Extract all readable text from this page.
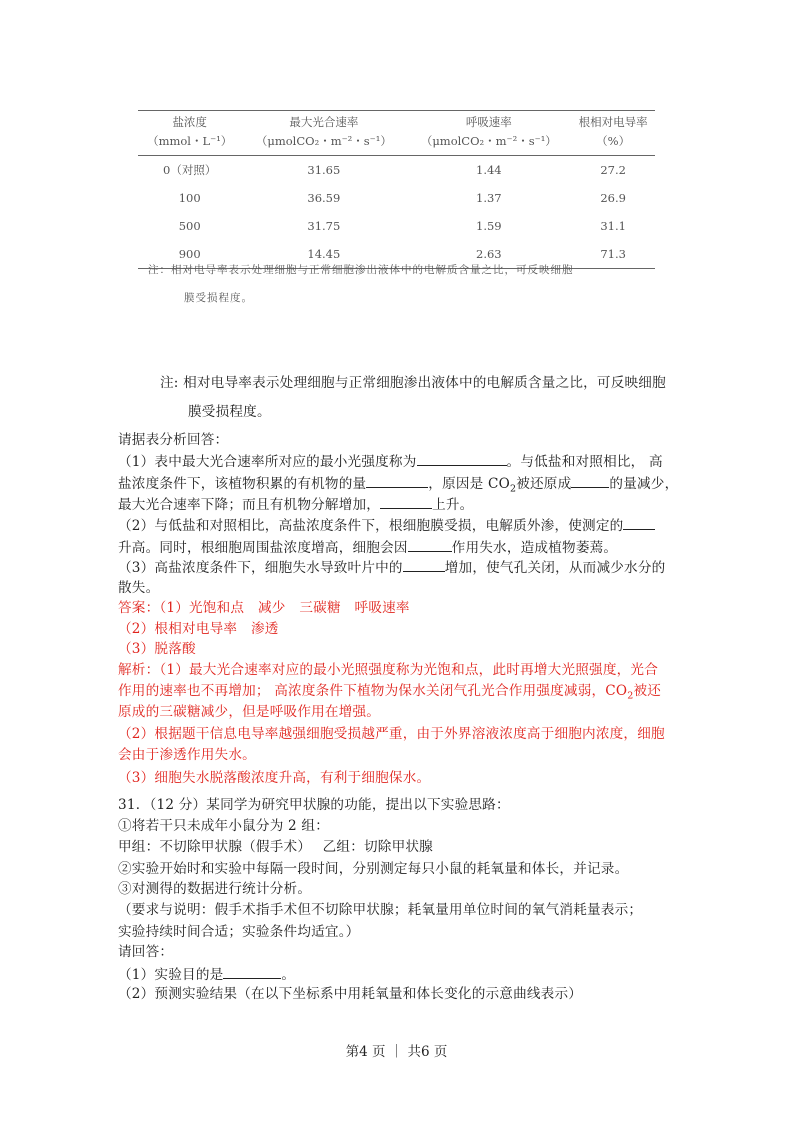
盐浓度	最大光合速率	呼吸速率	根相对电导率
（mmol・L⁻¹）	（μmolCO₂・m⁻²・s⁻¹）	（μmolCO₂・m⁻²・s⁻¹）	（%）
0（对照）	31.65	1.44	27.2
100	36.59	1.37	26.9
500	31.75	1.59	31.1
900	14.45	2.63	71.3
注：相对电导率表示处理细胞与正常细胞渗出液体中的电解质含量之比，可反映细胞
膜受损程度。
注: 相对电导率表示处理细胞与正常细胞渗出液体中的电解质含量之比，可反映细胞
膜受损程度。
请据表分析回答：
（1）表中最大光合速率所对应的最小光强度称为	。与低盐和对照相比， 高
盐浓度条件下，该植物积累的有机物的量	，原因是 $CO_2$被还原成	的量减少，
最大光合速率下降；而且有机物分解增加，	上升。
（2）与低盐和对照相比，高盐浓度条件下，根细胞膜受损，电解质外渗，使测定的
升高。同时，根细胞周围盐浓度增高，细胞会因	作用失水，造成植物萎蔫。
（3）高盐浓度条件下，细胞失水导致叶片中的	增加，使气孔关闭，从而减少水分的
散失。
答案：（1）光饱和点　减少　三碳糖　呼吸速率
（2）根相对电导率　渗透
（3）脱落酸
解析：（1）最大光合速率对应的最小光照强度称为光饱和点，此时再增大光照强度，光合
作用的速率也不再增加； 高浓度条件下植物为保水关闭气孔光合作用强度减弱，$CO_2$被还
原成的三碳糖减少，但是呼吸作用在增强。
（2）根据题干信息电导率越强细胞受损越严重，由于外界溶液浓度高于细胞内浓度，细胞
会由于渗透作用失水。
（3）细胞失水脱落酸浓度升高，有利于细胞保水。
31．（12 分）某同学为研究甲状腺的功能，提出以下实验思路：
①将若干只未成年小鼠分为 2 组：
甲组：不切除甲状腺（假手术）　 乙组：切除甲状腺
②实验开始时和实验中每隔一段时间，分别测定每只小鼠的耗氧量和体长，并记录。
③对测得的数据进行统计分析。
（要求与说明：假手术指手术但不切除甲状腺；耗氧量用单位时间的氧气消耗量表示；
实验持续时间合适；实验条件均适宜。）
请回答：
（1）实验目的是	。
（2）预测实验结果（在以下坐标系中用耗氧量和体长变化的示意曲线表示）
第4 页 ｜ 共6 页
